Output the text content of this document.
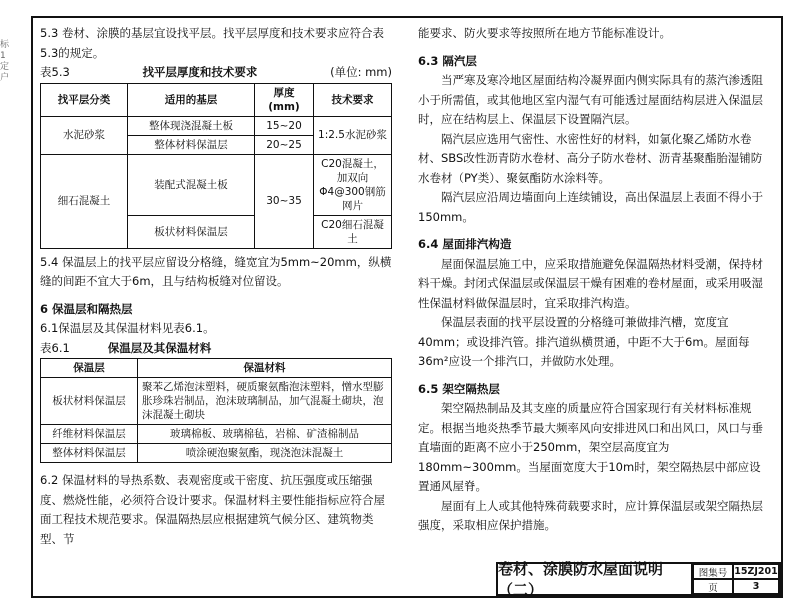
标
1
定
户

5.3 卷材、涂膜的基层宜设找平层。找平层厚度和技术要求应符合表5.3的规定。

表5.3	找平层厚度和技术要求	(单位: mm)
找平层分类	适用的基层	厚度(mm)	技术要求
水泥砂浆	整体现浇混凝土板	15~20	1:2.5水泥砂浆
	整体材料保温层	20~25	
细石混凝土	装配式混凝土板	30~35	C20混凝土，加双向Φ4@300钢筋网片
	板状材料保温层		C20细石混凝土

5.4 保温层上的找平层应留设分格缝，缝宽宜为5mm~20mm，纵横缝的间距不宜大于6m，且与结构板缝对位留设。

6 保温层和隔热层

6.1保温层及其保温材料见表6.1。

表6.1	保温层及其保温材料
保温层	保温材料
板状材料保温层	聚苯乙烯泡沫塑料，硬质聚氨酯泡沫塑料，憎水型膨胀珍珠岩制品，泡沫玻璃制品，加气混凝土砌块，泡沫混凝土砌块
纤维材料保温层	玻璃棉板、玻璃棉毡，岩棉、矿渣棉制品
整体材料保温层	喷涂硬泡聚氨酯，现浇泡沫混凝土

6.2 保温材料的导热系数、表观密度或干密度、抗压强度或压缩强度、燃烧性能，必须符合设计要求。保温材料主要性能指标应符合屋面工程技术规范要求。保温隔热层应根据建筑气候分区、建筑物类型、节

能要求、防火要求等按照所在地方节能标准设计。

6.3 隔汽层

当严寒及寒冷地区屋面结构冷凝界面内侧实际具有的蒸汽渗透阻小于所需值，或其他地区室内湿气有可能透过屋面结构层进入保温层时，应在结构层上、保温层下设置隔汽层。

隔汽层应选用气密性、水密性好的材料，如氯化聚乙烯防水卷材、SBS改性沥青防水卷材、高分子防水卷材、沥青基聚酯胎湿铺防水卷材（PY类）、聚氨酯防水涂料等。

隔汽层应沿周边墙面向上连续铺设，高出保温层上表面不得小于150mm。

6.4 屋面排汽构造

屋面保温层施工中，应采取措施避免保温隔热材料受潮，保持材料干燥。封闭式保温层或保温层干燥有困难的卷材屋面，或采用吸湿性保温材料做保温层时，宜采取排汽构造。

保温层表面的找平层设置的分格缝可兼做排汽槽，宽度宜40mm；或设排汽管。排汽道纵横贯通，中距不大于6m。屋面每36m²应设一个排汽口，并做防水处理。

6.5 架空隔热层

架空隔热制品及其支座的质量应符合国家现行有关材料标准规定。根据当地炎热季节最大频率风向安排进风口和出风口，风口与垂直墙面的距离不应小于250mm，架空层高度宜为180mm~300mm。当屋面宽度大于10m时，架空隔热层中部应设置通风屋脊。

屋面有上人或其他特殊荷载要求时，应计算保温层或架空隔热层强度，采取相应保护措施。

卷材、涂膜防水屋面说明（二）
图集号 15ZJ201
页	3
